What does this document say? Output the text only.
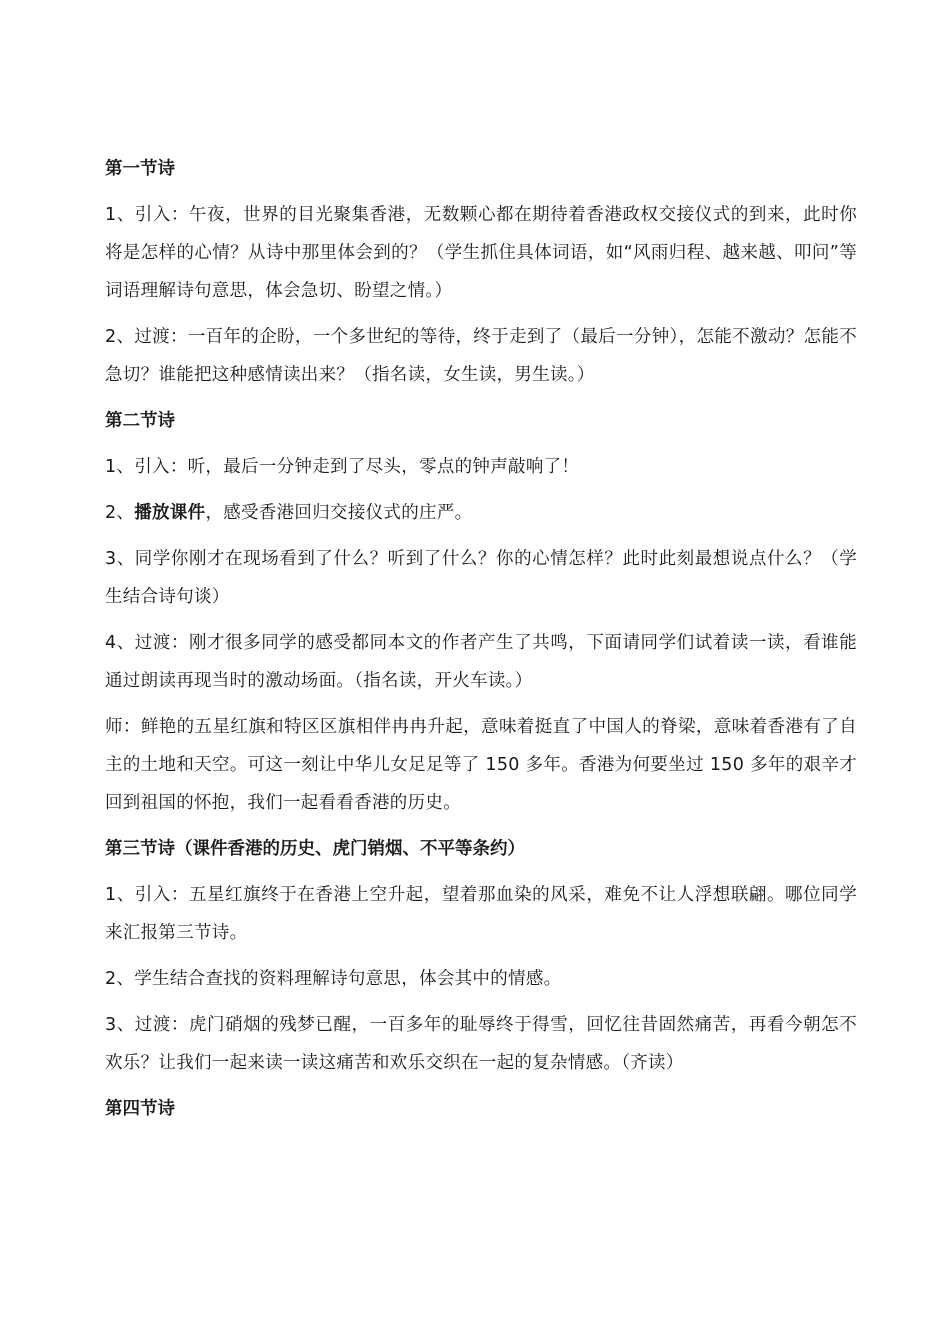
第一节诗

1、引入：午夜，世界的目光聚集香港，无数颗心都在期待着香港政权交接仪式的到来，此时你将是怎样的心情？从诗中那里体会到的？（学生抓住具体词语，如“风雨归程、越来越、叩问”等词语理解诗句意思，体会急切、盼望之情。）

2、过渡：一百年的企盼，一个多世纪的等待，终于走到了（最后一分钟），怎能不激动？怎能不急切？谁能把这种感情读出来？（指名读，女生读，男生读。）

第二节诗

1、引入：听，最后一分钟走到了尽头，零点的钟声敲响了！

2、播放课件，感受香港回归交接仪式的庄严。

3、同学你刚才在现场看到了什么？听到了什么？你的心情怎样？此时此刻最想说点什么？（学生结合诗句谈）

4、过渡：刚才很多同学的感受都同本文的作者产生了共鸣，下面请同学们试着读一读，看谁能通过朗读再现当时的激动场面。（指名读，开火车读。）

师：鲜艳的五星红旗和特区区旗相伴冉冉升起，意味着挺直了中国人的脊梁，意味着香港有了自主的土地和天空。可这一刻让中华儿女足足等了 150 多年。香港为何要坐过 150 多年的艰辛才回到祖国的怀抱，我们一起看看香港的历史。

第三节诗（课件香港的历史、虎门销烟、不平等条约）

1、引入：五星红旗终于在香港上空升起，望着那血染的风采，难免不让人浮想联翩。哪位同学来汇报第三节诗。

2、学生结合查找的资料理解诗句意思，体会其中的情感。

3、过渡：虎门硝烟的残梦已醒，一百多年的耻辱终于得雪，回忆往昔固然痛苦，再看今朝怎不欢乐？让我们一起来读一读这痛苦和欢乐交织在一起的复杂情感。（齐读）

第四节诗
